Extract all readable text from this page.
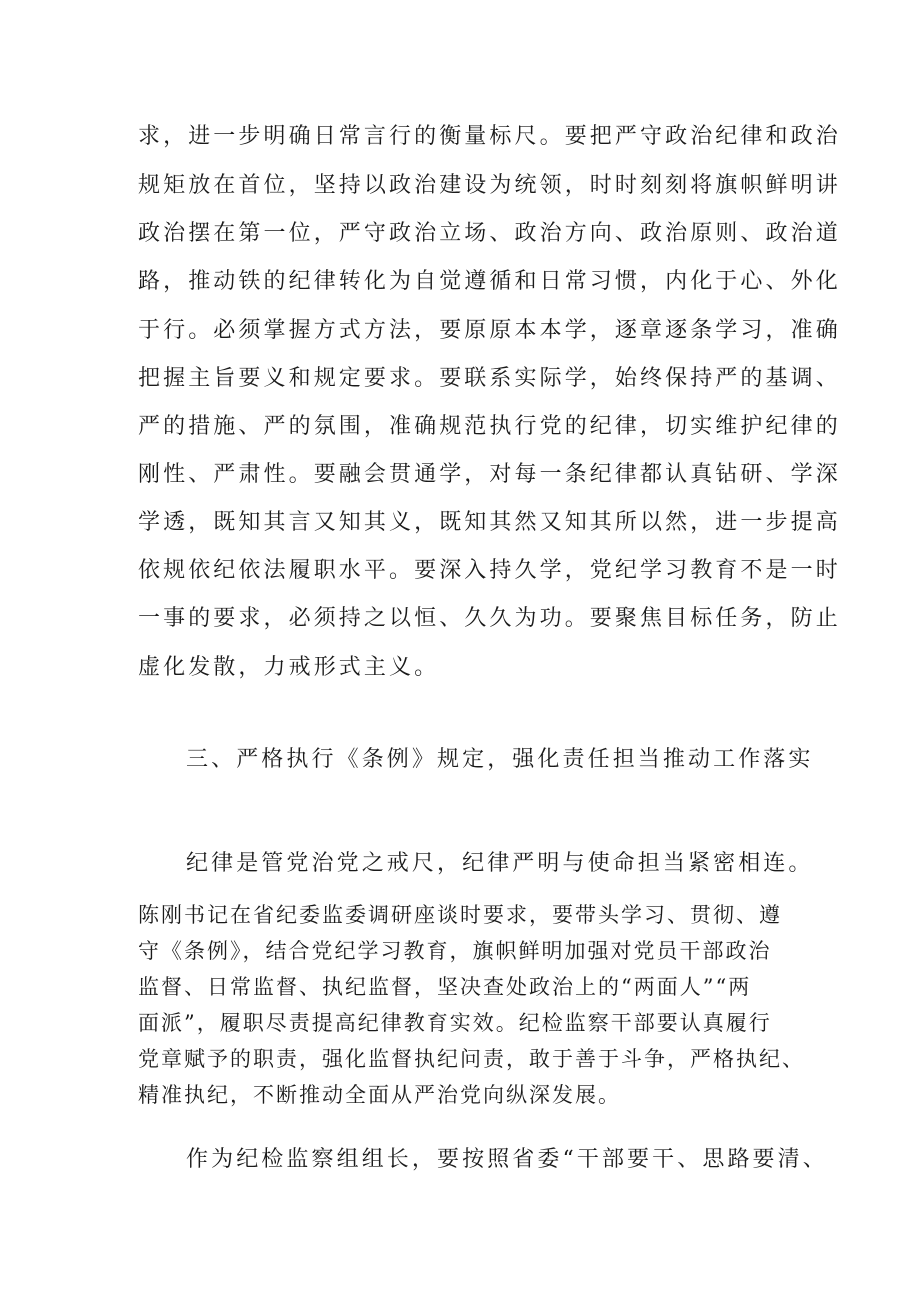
求，进一步明确日常言行的衡量标尺。要把严守政治纪律和政治
规矩放在首位，坚持以政治建设为统领，时时刻刻将旗帜鲜明讲
政治摆在第一位，严守政治立场、政治方向、政治原则、政治道
路，推动铁的纪律转化为自觉遵循和日常习惯，内化于心、外化
于行。必须掌握方式方法，要原原本本学，逐章逐条学习，准确
把握主旨要义和规定要求。要联系实际学，始终保持严的基调、
严的措施、严的氛围，准确规范执行党的纪律，切实维护纪律的
刚性、严肃性。要融会贯通学，对每一条纪律都认真钻研、学深
学透，既知其言又知其义，既知其然又知其所以然，进一步提高
依规依纪依法履职水平。要深入持久学，党纪学习教育不是一时
一事的要求，必须持之以恒、久久为功。要聚焦目标任务，防止
虚化发散，力戒形式主义。
三、严格执行《条例》规定，强化责任担当推动工作落实
纪律是管党治党之戒尺，纪律严明与使命担当紧密相连。
陈刚书记在省纪委监委调研座谈时要求，要带头学习、贯彻、遵
守《条例》，结合党纪学习教育，旗帜鲜明加强对党员干部政治
监督、日常监督、执纪监督，坚决查处政治上的“两面人”“两
面派”，履职尽责提高纪律教育实效。纪检监察干部要认真履行
党章赋予的职责，强化监督执纪问责，敢于善于斗争，严格执纪、
精准执纪，不断推动全面从严治党向纵深发展。
作为纪检监察组组长，要按照省委“干部要干、思路要清、
